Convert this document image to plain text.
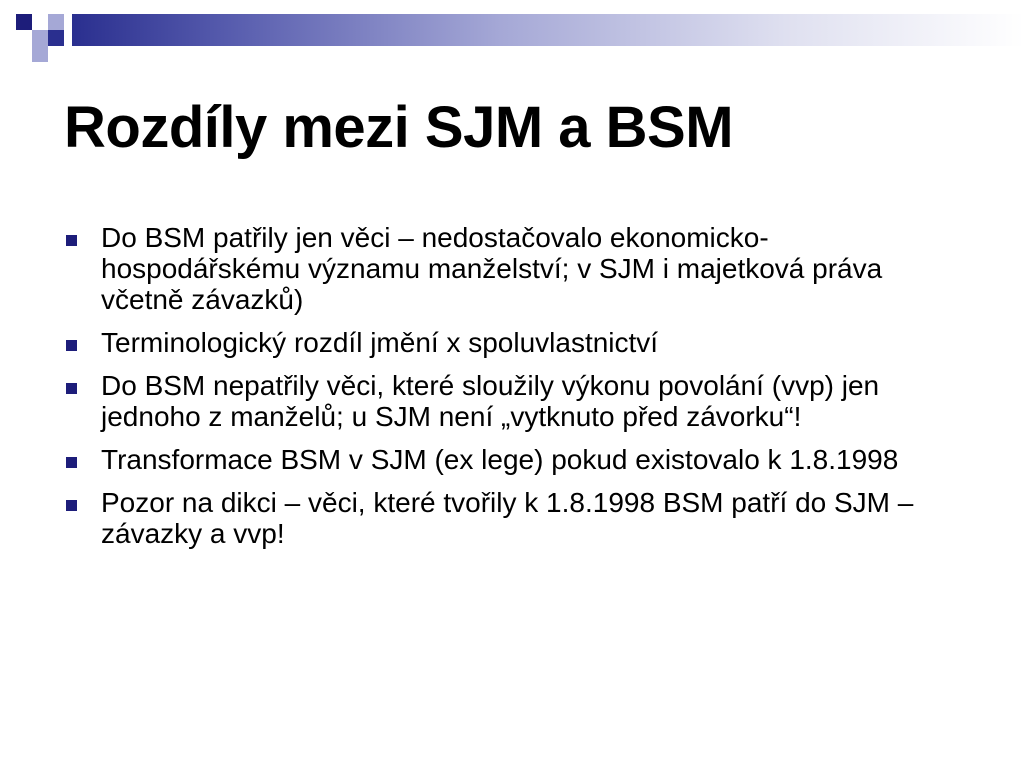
Rozdíly mezi SJM a BSM
Do BSM patřily jen věci – nedostačovalo ekonomicko-hospodářskému významu manželství; v SJM i majetková práva včetně závazků)
Terminologický rozdíl jmění x spoluvlastnictví
Do BSM nepatřily věci, které sloužily výkonu povolání (vvp) jen jednoho z manželů; u SJM není „vytknuto před závorku“!
Transformace BSM v SJM (ex lege) pokud existovalo k 1.8.1998
Pozor na dikci – věci, které tvořily k 1.8.1998 BSM patří do SJM – závazky a vvp!
